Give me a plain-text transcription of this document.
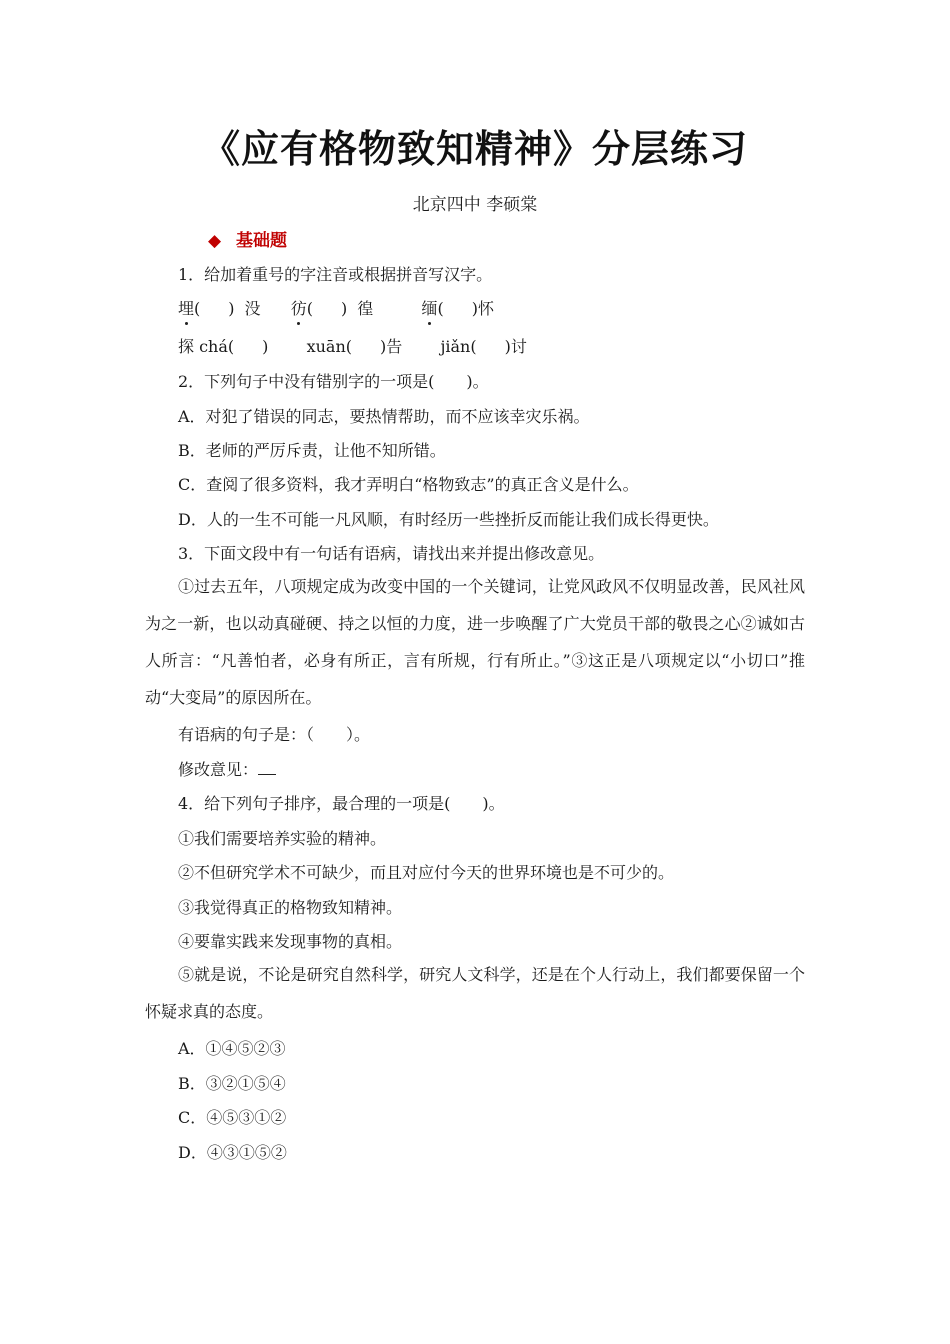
《应有格物致知精神》分层练习
北京四中 李硕棠
◆ 基础题
1．给加着重号的字注音或根据拼音写汉字。
埋( ) 没 彷( ) 徨	缅( )怀
探 chá( ) xuān( )告 jiǎn( )讨
2．下列句子中没有错别字的一项是(　　)。
A．对犯了错误的同志，要热情帮助，而不应该幸灾乐祸。
B．老师的严厉斥责，让他不知所错。
C．查阅了很多资料，我才弄明白“格物致志”的真正含义是什么。
D．人的一生不可能一凡风顺，有时经历一些挫折反而能让我们成长得更快。
3．下面文段中有一句话有语病，请找出来并提出修改意见。
①过去五年，八项规定成为改变中国的一个关键词，让党风政风不仅明显改善，民风社风为之一新，也以动真碰硬、持之以恒的力度，进一步唤醒了广大党员干部的敬畏之心②诚如古人所言：“凡善怕者，必身有所正，言有所规，行有所止。”③这正是八项规定以“小切口”推动“大变局”的原因所在。
有语病的句子是：（　　）。
修改意见：
4．给下列句子排序，最合理的一项是(　　)。
①我们需要培养实验的精神。
②不但研究学术不可缺少，而且对应付今天的世界环境也是不可少的。
③我觉得真正的格物致知精神。
④要靠实践来发现事物的真相。
⑤就是说，不论是研究自然科学，研究人文科学，还是在个人行动上，我们都要保留一个怀疑求真的态度。
A．①④⑤②③
B．③②①⑤④
C．④⑤③①②
D．④③①⑤②
